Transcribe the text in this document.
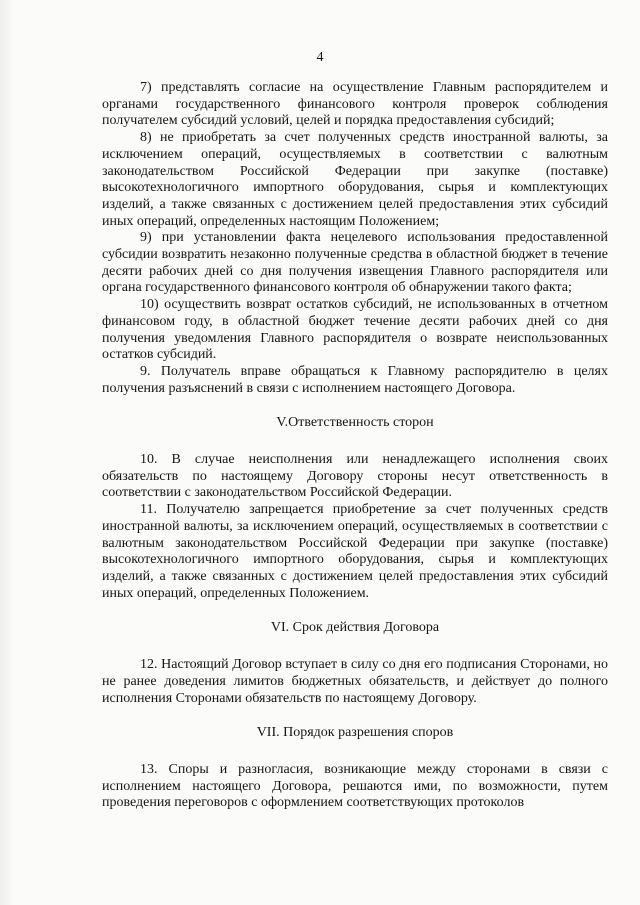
4

7) представлять согласие на осуществление Главным распорядителем и органами государственного финансового контроля проверок соблюдения получателем субсидий условий, целей и порядка предоставления субсидий;

8) не приобретать за счет полученных средств иностранной валюты, за исключением операций, осуществляемых в соответствии с валютным законодательством Российской Федерации при закупке (поставке) высокотехнологичного импортного оборудования, сырья и комплектующих изделий, а также связанных с достижением целей предоставления этих субсидий иных операций, определенных настоящим Положением;

9) при установлении факта нецелевого использования предоставленной субсидии возвратить незаконно полученные средства в областной бюджет в течение десяти рабочих дней со дня получения извещения Главного распорядителя или органа государственного финансового контроля об обнаружении такого факта;

10) осуществить возврат остатков субсидий, не использованных в отчетном финансовом году, в областной бюджет течение десяти рабочих дней со дня получения уведомления Главного распорядителя о возврате неиспользованных остатков субсидий.

9. Получатель вправе обращаться к Главному распорядителю в целях получения разъяснений в связи с исполнением настоящего Договора.

V.Ответственность сторон

10. В случае неисполнения или ненадлежащего исполнения своих обязательств по настоящему Договору стороны несут ответственность в соответствии с законодательством Российской Федерации.

11. Получателю запрещается приобретение за счет полученных средств иностранной валюты, за исключением операций, осуществляемых в соответствии с валютным законодательством Российской Федерации при закупке (поставке) высокотехнологичного импортного оборудования, сырья и комплектующих изделий, а также связанных с достижением целей предоставления этих субсидий иных операций, определенных Положением.

VI. Срок действия Договора

12. Настоящий Договор вступает в силу со дня его подписания Сторонами, но не ранее доведения лимитов бюджетных обязательств, и действует до полного исполнения Сторонами обязательств по настоящему Договору.

VII. Порядок разрешения споров

13. Споры и разногласия, возникающие между сторонами в связи с исполнением настоящего Договора, решаются ими, по возможности, путем проведения переговоров с оформлением соответствующих протоколов
